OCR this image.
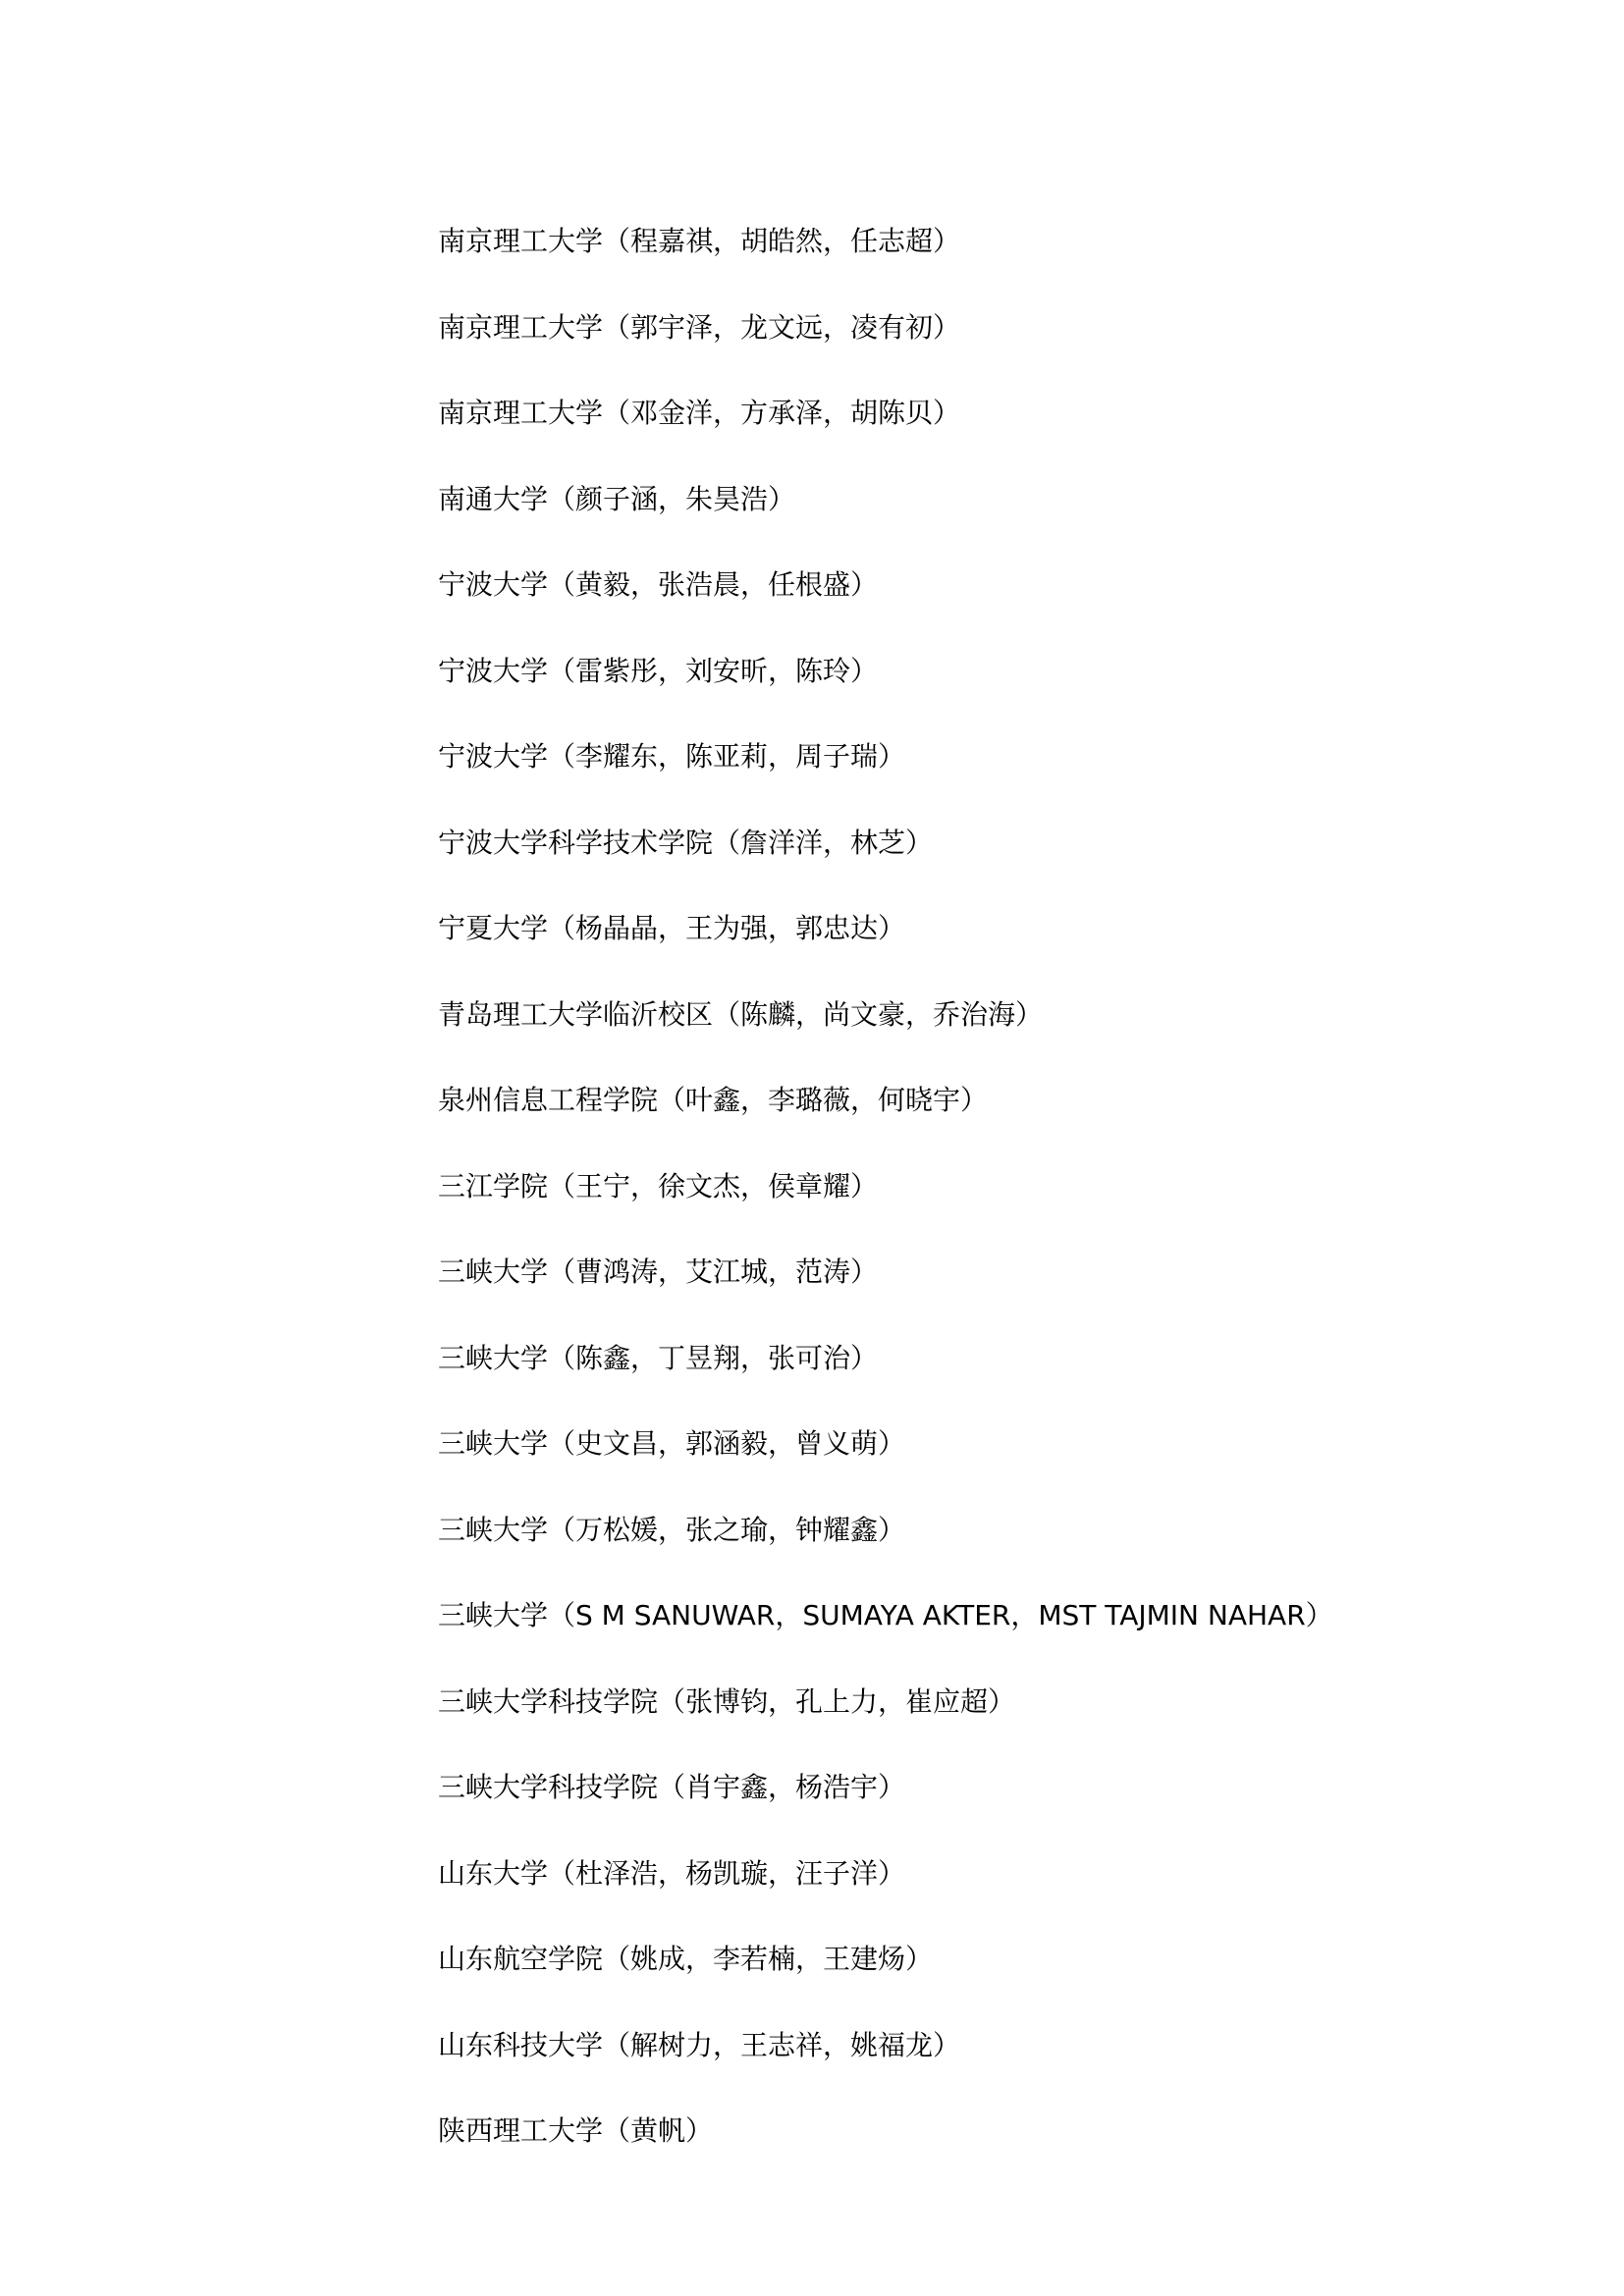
南京理工大学（程嘉祺，胡皓然，任志超）
南京理工大学（郭宇泽，龙文远，凌有初）
南京理工大学（邓金洋，方承泽，胡陈贝）
南通大学（颜子涵，朱昊浩）
宁波大学（黄毅，张浩晨，任根盛）
宁波大学（雷紫彤，刘安昕，陈玲）
宁波大学（李耀东，陈亚莉，周子瑞）
宁波大学科学技术学院（詹洋洋，林芝）
宁夏大学（杨晶晶，王为强，郭忠达）
青岛理工大学临沂校区（陈麟，尚文豪，乔治海）
泉州信息工程学院（叶鑫，李璐薇，何晓宇）
三江学院（王宁，徐文杰，侯章耀）
三峡大学（曹鸿涛，艾江城，范涛）
三峡大学（陈鑫，丁昱翔，张可治）
三峡大学（史文昌，郭涵毅，曾义萌）
三峡大学（万松媛，张之瑜，钟耀鑫）
三峡大学（S M SANUWAR，SUMAYA AKTER，MST TAJMIN NAHAR）
三峡大学科技学院（张博钧，孔上力，崔应超）
三峡大学科技学院（肖宇鑫，杨浩宇）
山东大学（杜泽浩，杨凯璇，汪子洋）
山东航空学院（姚成，李若楠，王建炀）
山东科技大学（解树力，王志祥，姚福龙）
陕西理工大学（黄帆）
